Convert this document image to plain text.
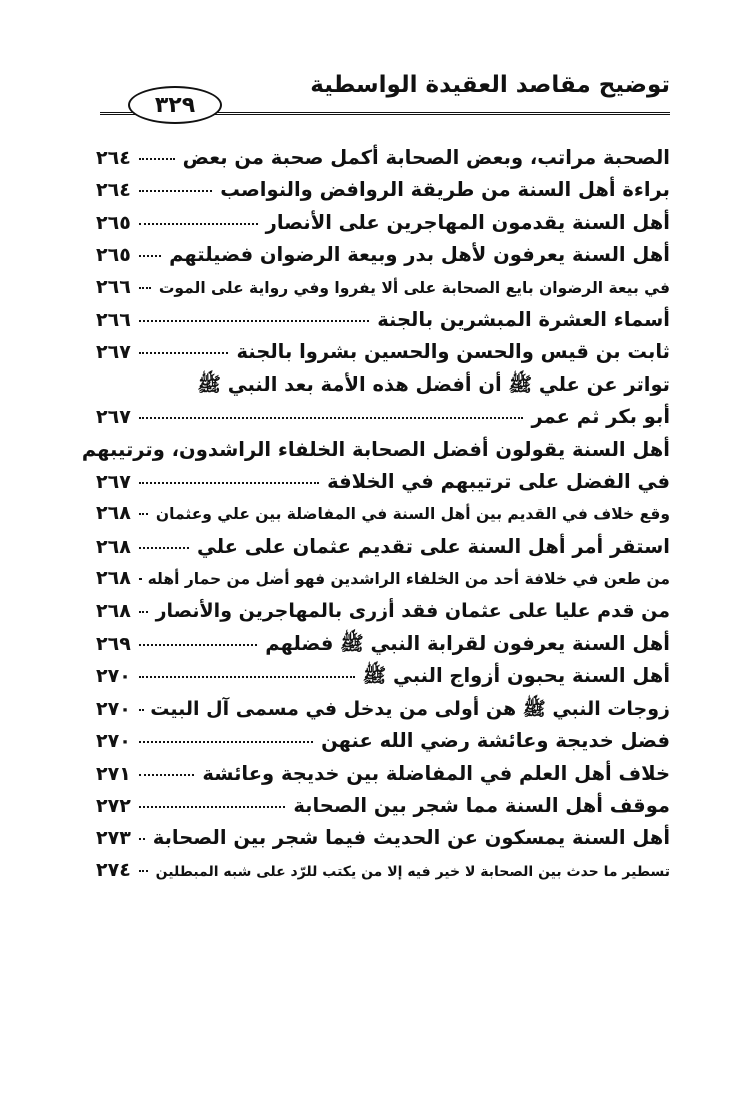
توضيح مقاصد العقيدة الواسطية
٣٢٩
٢٦٤	الصحبة مراتب، وبعض الصحابة أكمل صحبة من بعض
٢٦٤	براءة أهل السنة من طريقة الروافض والنواصب
٢٦٥	أهل السنة يقدمون المهاجرين على الأنصار
٢٦٥ أهل السنة يعرفون لأهل بدر وبيعة الرضوان فضيلتهم
٢٦٦ في بيعة الرضوان بايع الصحابة على ألا يفروا وفي رواية على الموت
٢٦٦	أسماء العشرة المبشرين بالجنة
٢٦٧	ثابت بن قيس والحسن والحسين بشروا بالجنة
تواتر عن علي ﷺ أن أفضل هذه الأمة بعد النبي ﷺ
٢٦٧	أبو بكر ثم عمر
أهل السنة يقولون أفضل الصحابة الخلفاء الراشدون، وترتيبهم
٢٦٧	في الفضل على ترتيبهم في الخلافة
٢٦٨ وقع خلاف في القديم بين أهل السنة في المفاضلة بين علي وعثمان
٢٦٨	استقر أمر أهل السنة على تقديم عثمان على علي
٢٦٨ من طعن في خلافة أحد من الخلفاء الراشدين فهو أضل من حمار أهله
٢٦٨ من قدم عليا على عثمان فقد أزرى بالمهاجرين والأنصار
٢٦٩	أهل السنة يعرفون لقرابة النبي ﷺ فضلهم
٢٧٠	أهل السنة يحبون أزواج النبي ﷺ
٢٧٠ زوجات النبي ﷺ هن أولى من يدخل في مسمى آل البيت
٢٧٠	فضل خديجة وعائشة رضي الله عنهن
٢٧١	خلاف أهل العلم في المفاضلة بين خديجة وعائشة
٢٧٢	موقف أهل السنة مما شجر بين الصحابة
٢٧٣ أهل السنة يمسكون عن الحديث فيما شجر بين الصحابة
٢٧٤ تسطير ما حدث بين الصحابة لا خير فيه إلا من يكتب للرّد على شبه المبطلين
